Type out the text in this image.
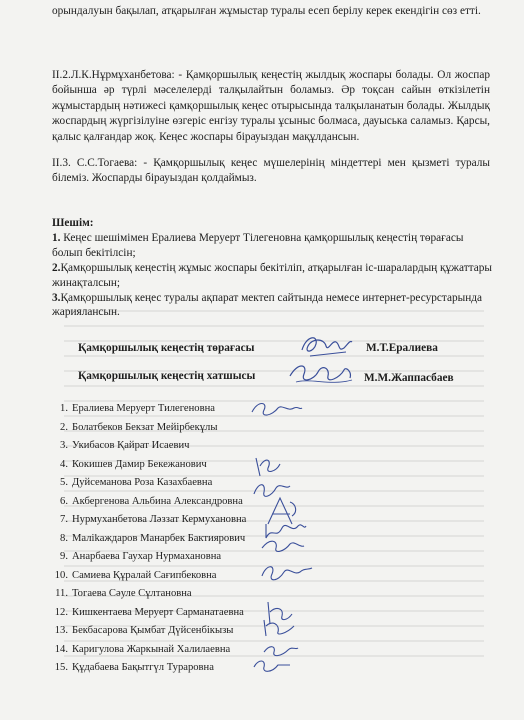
орындалуын бақылап, атқарылған жұмыстар туралы есеп берілу керек екендігін сөз етті.

II.2.Л.К.Нұрмұханбетова: - Қамқоршылық кеңестің жылдық жоспары болады. Ол жоспар бойынша әр түрлі мәселелерді талқылайтын боламыз. Әр тоқсан сайын өткізілетін жұмыстардың нәтижесі қамқоршылық кеңес отырысында талқыланатын болады. Жылдық жоспардың жүргізілуіне өзгеріс енгізу туралы ұсыныс болмаса, дауыська саламыз. Қарсы, қалыс қалғандар жоқ. Кеңес жоспары бірауыздан мақұлдансын.

II.3. С.С.Тогаева: - Қамқоршылық кеңес мүшелерінің міндеттері мен қызметі туралы білеміз. Жоспарды бірауыздан қолдаймыз.

Шешім:
1. Кеңес шешімімен Ералиева Меруерт Тілегеновна қамқоршылық кеңестің төрағасы болып бекітілсін;
2.Қамқоршылық кеңестің жұмыс жоспары бекітіліп, атқарылған іс-шаралардың құжаттары жинақталсын;
3.Қамқоршылық кеңес туралы ақпарат мектеп сайтында немесе интернет-ресурстарында жариялансын.
Қамқоршылық кеңестің төрағасы	М.Т.Ералиева
Қамқоршылық кеңестің хатшысы	М.М.Жаппасбаев
1. Ералиева Меруерт Тилегеновна
2. Болатбеков Бекзат Мейірбекұлы
3. Укибасов Қайрат Исаевич
4. Кокишев Дамир Бекежанович
5. Дуйсеманова Роза Казахбаевна
6. Акбергенова Альбина Александровна
7. Нурмуханбетова Ләззат Кермухановна
8. Малikаждаров Манарбек Бактиярович
9. Анарбаева Гаухар Нурмахановна
10. Самиева Құралай Сағипбековна
11. Тогаева Сәуле Сұлтановна
12. Кишкентаева Меруерт Сарманатаевна
13. Бекбасарова Қымбат Дүйсенбікызы
14. Каригулова Жаркынай Халилаевна
15. Құдабаева Бақытгүл Тураровна
